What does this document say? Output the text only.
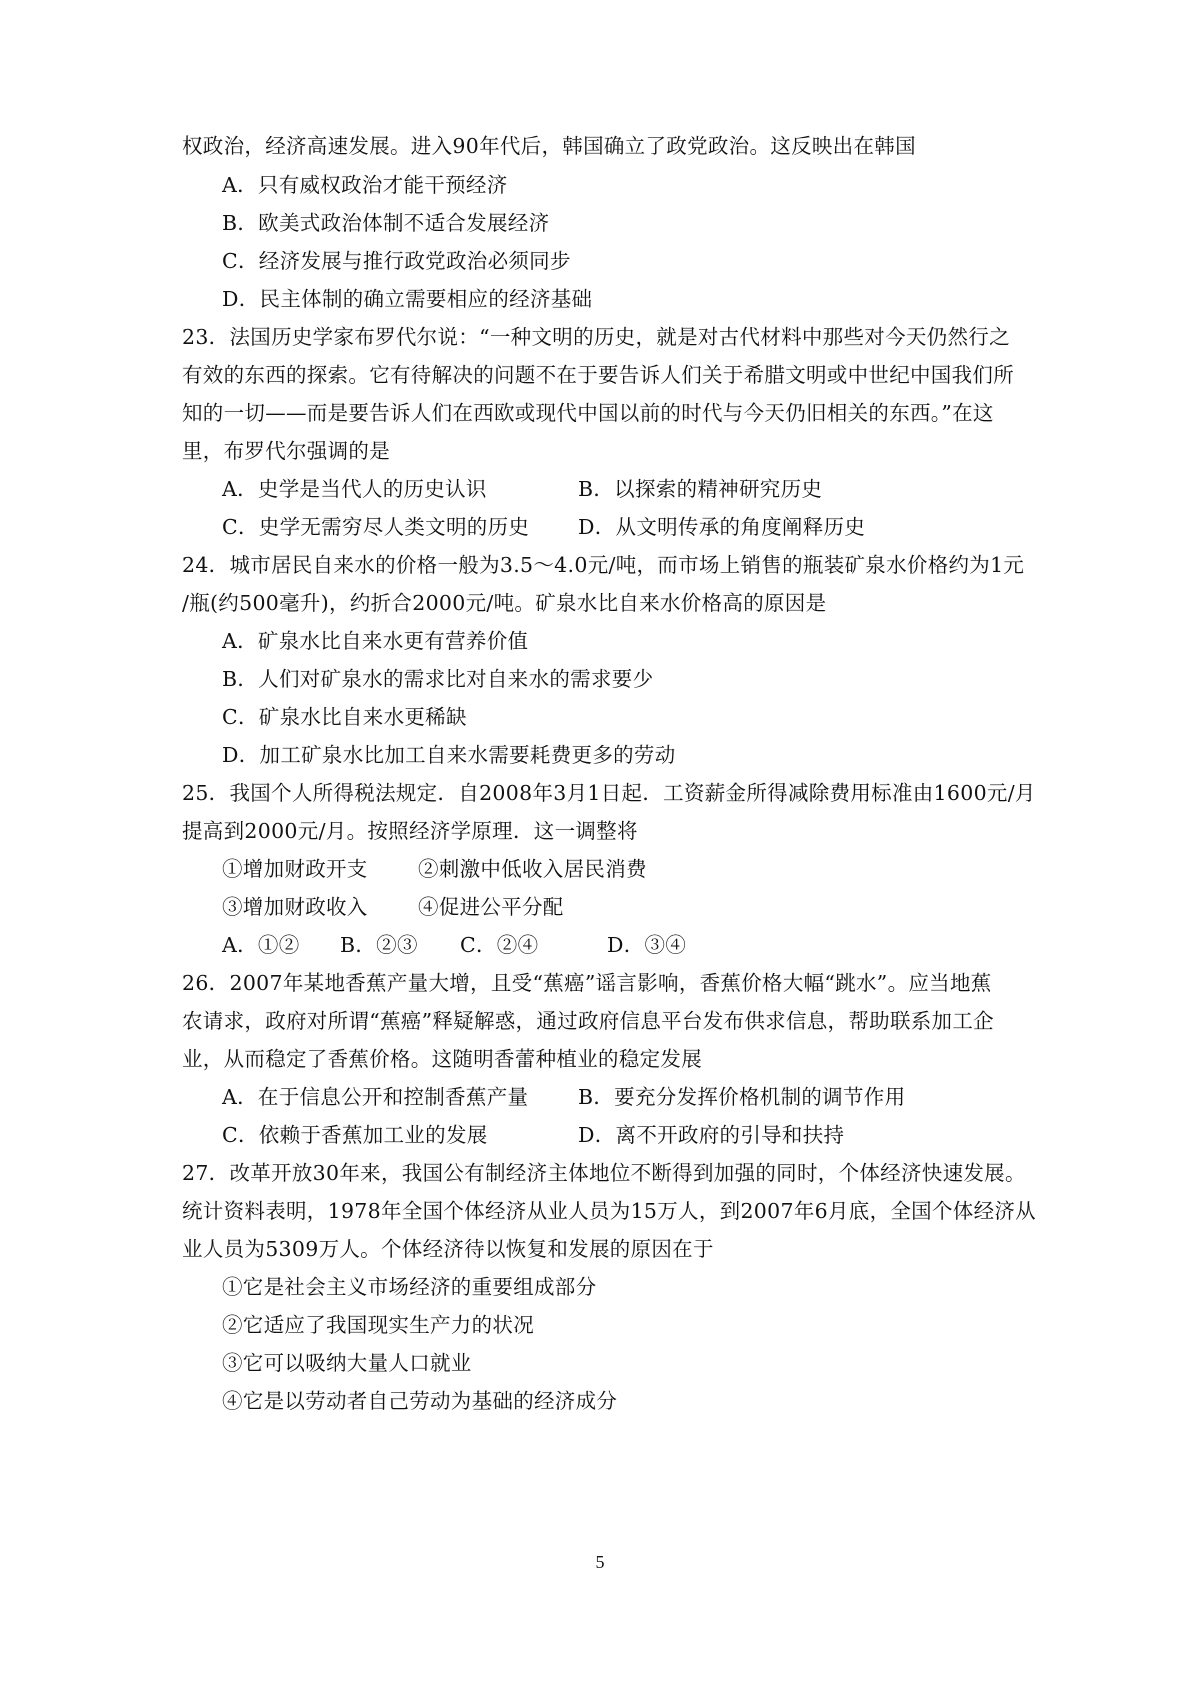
权政治，经济高速发展。进入90年代后，韩国确立了政党政治。这反映出在韩国
A．只有威权政治才能干预经济
B．欧美式政治体制不适合发展经济
C．经济发展与推行政党政治必须同步
D．民主体制的确立需要相应的经济基础
23．法国历史学家布罗代尔说：“一种文明的历史，就是对古代材料中那些对今天仍然行之
有效的东西的探索。它有待解决的问题不在于要告诉人们关于希腊文明或中世纪中国我们所
知的一切——而是要告诉人们在西欧或现代中国以前的时代与今天仍旧相关的东西。”在这
里，布罗代尔强调的是
A．史学是当代人的历史认识	B．以探索的精神研究历史
C．史学无需穷尽人类文明的历史 D．从文明传承的角度阐释历史
24．城市居民自来水的价格一般为3.5～4.0元/吨，而市场上销售的瓶装矿泉水价格约为1元
/瓶(约500毫升)，约折合2000元/吨。矿泉水比自来水价格高的原因是
A．矿泉水比自来水更有营养价值
B．人们对矿泉水的需求比对自来水的需求要少
C．矿泉水比自来水更稀缺
D．加工矿泉水比加工自来水需要耗费更多的劳动
25．我国个人所得税法规定．自2008年3月1日起．工资薪金所得减除费用标准由1600元/月
提高到2000元/月。按照经济学原理．这一调整将
①增加财政开支 ②刺激中低收入居民消费
③增加财政收入 ④促进公平分配
A．①② B．②③ C．②④	D．③④
26．2007年某地香蕉产量大增，且受“蕉癌”谣言影响，香蕉价格大幅“跳水”。应当地蕉
农请求，政府对所谓“蕉癌”释疑解惑，通过政府信息平台发布供求信息，帮助联系加工企
业，从而稳定了香蕉价格。这随明香蕾种植业的稳定发展
A．在于信息公开和控制香蕉产量 B．要充分发挥价格机制的调节作用
C．依赖于香蕉加工业的发展	D．离不开政府的引导和扶持
27．改革开放30年来，我国公有制经济主体地位不断得到加强的同时，个体经济快速发展。
统计资料表明，1978年全国个体经济从业人员为15万人，到2007年6月底，全国个体经济从
业人员为5309万人。个体经济待以恢复和发展的原因在于
①它是社会主义市场经济的重要组成部分
②它适应了我国现实生产力的状况
③它可以吸纳大量人口就业
④它是以劳动者自己劳动为基础的经济成分
5
